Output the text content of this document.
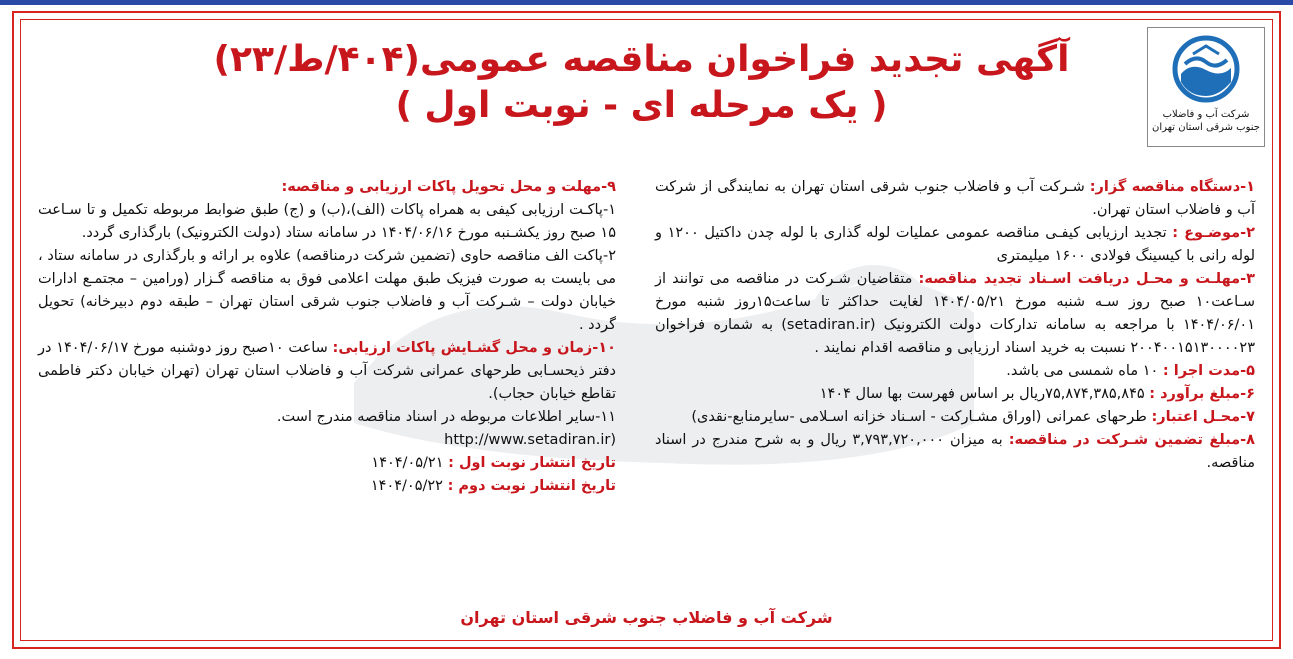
شرکت آب و فاضلاب
جنوب شرقی استان تهران
آگهی تجدید فراخوان مناقصه عمومی(۴۰۴/ط/۲۳)
( یک مرحله ای - نوبت اول )

۱-دستگاه مناقصه گزار: شـرکت آب و فاضلاب جنوب شرقی استان تهران به نمایندگی از شرکت آب و فاضلاب استان تهران.

۲-موضـوع : تجدید ارزیابی کیفـی مناقصه عمومی عملیات لوله گذاری با لوله چدن داکتیل ۱۲۰۰ و لوله رانی با کیسینگ فولادی ۱۶۰۰ میلیمتری

۳-مهلـت و محـل دریافت اسـناد تجدید مناقصه: متقاضیان شـرکت در مناقصه می توانند از سـاعت۱۰ صبح روز سـه شنبه مورخ ۱۴۰۴/۰۵/۲۱ لغایت حداکثر تا ساعت۱۵روز شنبه مورخ ۱۴۰۴/۰۶/۰۱ با مراجعه به سامانه تدارکات دولت الکترونیک (setadiran.ir) به شماره فراخوان ۲۰۰۴۰۰۱۵۱۳۰۰۰۰۲۳ نسبت به خرید اسناد ارزیابی و مناقصه اقدام نمایند .

۵-مدت اجرا : ۱۰ ماه شمسی می باشد.

۶-مبلغ برآورد : ۷۵,۸۷۴,۳۸۵,۸۴۵ریال بر اساس فهرست بها سال ۱۴۰۴

۷-محـل اعتبار: طرحهای عمرانی (اوراق مشـارکت - اسـناد خزانه اسـلامی -سایرمنابع-نقدی)

۸-مبلغ تضمین شـرکت در مناقصه: به میزان ۳,۷۹۳,۷۲۰,۰۰۰ ریال و به شرح مندرج در اسناد مناقصه.

۹-مهلت و محل تحویل پاکات ارزیابی و مناقصه:

۱-پاکـت ارزیابی کیفی به همراه پاکات (الف)،(ب) و (ج) طبق ضوابط مربوطه تکمیل و تا سـاعت ۱۵ صبح روز یکشـنبه مورخ ۱۴۰۴/۰۶/۱۶ در سامانه ستاد (دولت الکترونیک) بارگذاری گردد.

۲-پاکت الف مناقصه حاوی (تضمین شرکت درمناقصه) علاوه بر ارائه و بارگذاری در سامانه ستاد ، می بایست به صورت فیزیک طبق مهلت اعلامی فوق به مناقصه گـزار (ورامین – مجتمـع ادارات خیابان دولت – شـرکت آب و فاضلاب جنوب شرقی استان تهران – طبقه دوم دبیرخانه) تحویل گردد .

۱۰-زمان و محل گشـایش پاکات ارزیابی: ساعت ۱۰صبح روز دوشنبه مورخ ۱۴۰۴/۰۶/۱۷ در دفتر ذیحسـابی طرحهای عمرانی شرکت آب و فاضلاب استان تهران (تهران خیابان دکتر فاطمی تقاطع خیابان حجاب).

۱۱-سایر اطلاعات مربوطه در اسناد مناقصه مندرج است.

(http://www.setadiran.ir

تاریخ انتشار نوبت اول : ۱۴۰۴/۰۵/۲۱

تاریخ انتشار نوبت دوم : ۱۴۰۴/۰۵/۲۲

شرکت آب و فاضلاب جنوب شرقی استان تهران
